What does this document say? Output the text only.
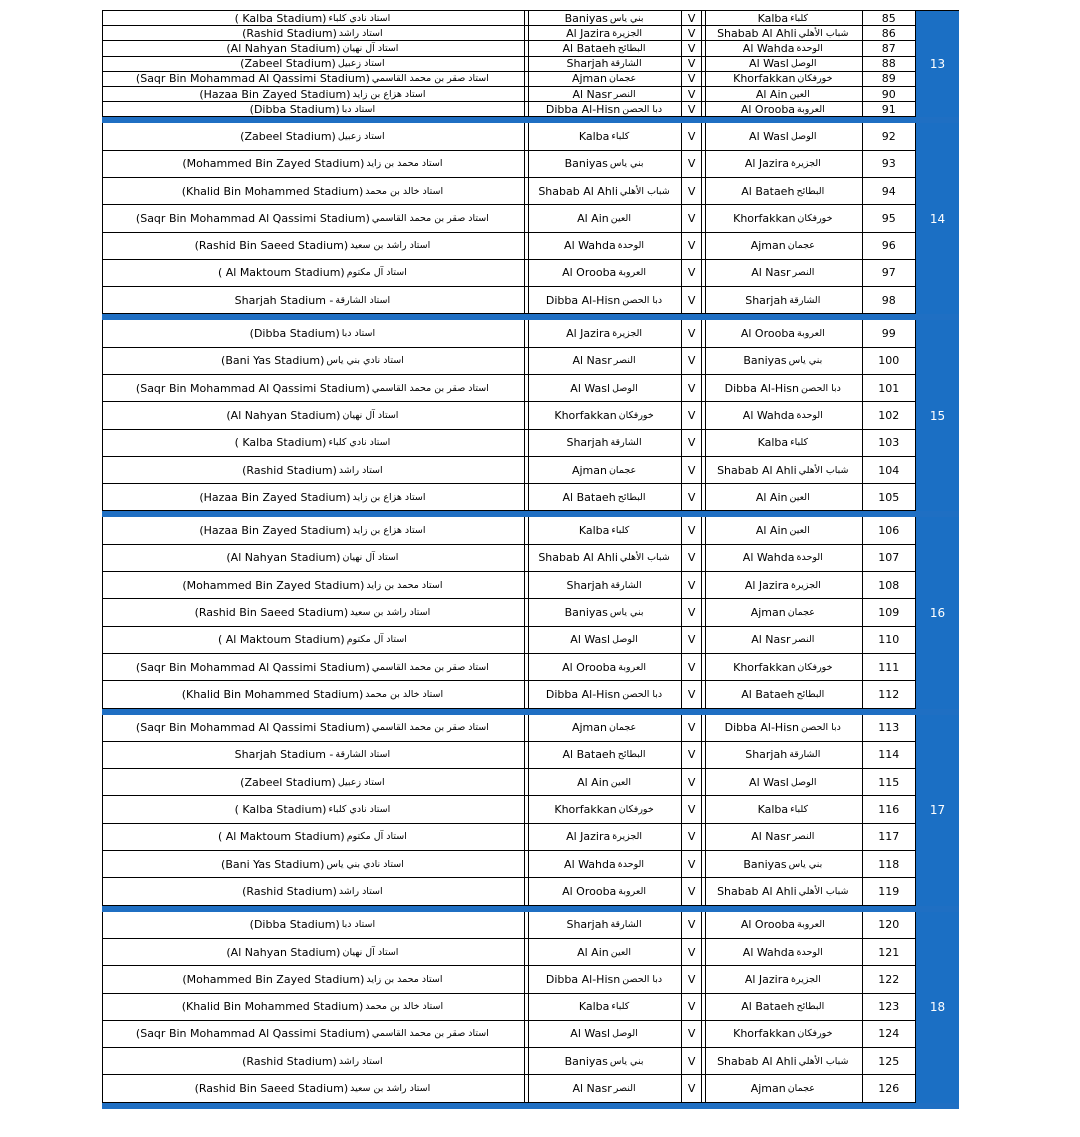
( Kalba Stadium) استاد نادي كلباء	Baniyas بني ياس	V	Kalba كلباء	85
(Rashid Stadium) استاد راشد	Al Jazira الجزيرة	V Shabab Al Ahli شباب الأهلي	86
(Al Nahyan Stadium) استاد آل نهيان	Al Bataeh البطائح	V	Al Wahda الوحدة	87
(Zabeel Stadium) استاد زعبيل	Sharjah الشارقة	V	Al Wasl الوصل	88
(Saqr Bin Mohammad Al Qassimi Stadium) استاد صقر بن محمد القاسمي	Ajman عجمان	V	Khorfakkan خورفكان	89
(Hazaa Bin Zayed Stadium) استاد هزاع بن زايد	Al Nasr النصر	V	Al Ain العين	90
(Dibba Stadium) استاد دبا	Dibba Al-Hisn دبا الحصن V	Al Orooba العروبة	91
13
(Zabeel Stadium) استاد زعبيل	Kalba كلباء	V	Al Wasl الوصل	92
(Mohammed Bin Zayed Stadium) استاد محمد بن زايد	Baniyas بني ياس	V	Al Jazira الجزيرة	93
(Khalid Bin Mohammed Stadium) استاد خالد بن محمد	Shabab Al Ahli شباب الأهلي V	Al Bataeh البطائح	94
(Saqr Bin Mohammad Al Qassimi Stadium) استاد صقر بن محمد القاسمي	Al Ain العين	V	Khorfakkan خورفكان	95
(Rashid Bin Saeed Stadium) استاد راشد بن سعيد	Al Wahda الوحدة	V	Ajman عجمان	96
( Al Maktoum Stadium) استاد آل مكتوم	Al Orooba العروبة	V	Al Nasr النصر	97
Sharjah Stadium - استاد الشارقة	Dibba Al-Hisn دبا الحصن V	Sharjah الشارقة	98
14
(Dibba Stadium) استاد دبا	Al Jazira الجزيرة	V	Al Orooba العروبة	99
(Bani Yas Stadium) استاد نادي بني ياس	Al Nasr النصر	V	Baniyas بني ياس	100
(Saqr Bin Mohammad Al Qassimi Stadium) استاد صقر بن محمد القاسمي	Al Wasl الوصل	V	Dibba Al-Hisn دبا الحصن	101
(Al Nahyan Stadium) استاد آل نهيان	Khorfakkan خورفكان	V	Al Wahda الوحدة	102
( Kalba Stadium) استاد نادي كلباء	Sharjah الشارقة	V	Kalba كلباء	103
(Rashid Stadium) استاد راشد	Ajman عجمان	V Shabab Al Ahli شباب الأهلي	104
(Hazaa Bin Zayed Stadium) استاد هزاع بن زايد	Al Bataeh البطائح	V	Al Ain العين	105
15
(Hazaa Bin Zayed Stadium) استاد هزاع بن زايد	Kalba كلباء	V	Al Ain العين	106
(Al Nahyan Stadium) استاد آل نهيان	Shabab Al Ahli شباب الأهلي V	Al Wahda الوحدة	107
(Mohammed Bin Zayed Stadium) استاد محمد بن زايد	Sharjah الشارقة	V	Al Jazira الجزيرة	108
(Rashid Bin Saeed Stadium) استاد راشد بن سعيد	Baniyas بني ياس	V	Ajman عجمان	109
( Al Maktoum Stadium) استاد آل مكتوم	Al Wasl الوصل	V	Al Nasr النصر	110
(Saqr Bin Mohammad Al Qassimi Stadium) استاد صقر بن محمد القاسمي	Al Orooba العروبة	V	Khorfakkan خورفكان	111
(Khalid Bin Mohammed Stadium) استاد خالد بن محمد	Dibba Al-Hisn دبا الحصن V	Al Bataeh البطائح	112
16
(Saqr Bin Mohammad Al Qassimi Stadium) استاد صقر بن محمد القاسمي	Ajman عجمان	V	Dibba Al-Hisn دبا الحصن	113
Sharjah Stadium - استاد الشارقة	Al Bataeh البطائح	V	Sharjah الشارقة	114
(Zabeel Stadium) استاد زعبيل	Al Ain العين	V	Al Wasl الوصل	115
( Kalba Stadium) استاد نادي كلباء	Khorfakkan خورفكان	V	Kalba كلباء	116
( Al Maktoum Stadium) استاد آل مكتوم	Al Jazira الجزيرة	V	Al Nasr النصر	117
(Bani Yas Stadium) استاد نادي بني ياس	Al Wahda الوحدة	V	Baniyas بني ياس	118
(Rashid Stadium) استاد راشد	Al Orooba العروبة	V Shabab Al Ahli شباب الأهلي	119
17
(Dibba Stadium) استاد دبا	Sharjah الشارقة	V	Al Orooba العروبة	120
(Al Nahyan Stadium) استاد آل نهيان	Al Ain العين	V	Al Wahda الوحدة	121
(Mohammed Bin Zayed Stadium) استاد محمد بن زايد	Dibba Al-Hisn دبا الحصن V	Al Jazira الجزيرة	122
(Khalid Bin Mohammed Stadium) استاد خالد بن محمد	Kalba كلباء	V	Al Bataeh البطائح	123
(Saqr Bin Mohammad Al Qassimi Stadium) استاد صقر بن محمد القاسمي	Al Wasl الوصل	V	Khorfakkan خورفكان	124
(Rashid Stadium) استاد راشد	Baniyas بني ياس	V Shabab Al Ahli شباب الأهلي	125
(Rashid Bin Saeed Stadium) استاد راشد بن سعيد	Al Nasr النصر	V	Ajman عجمان	126
18
